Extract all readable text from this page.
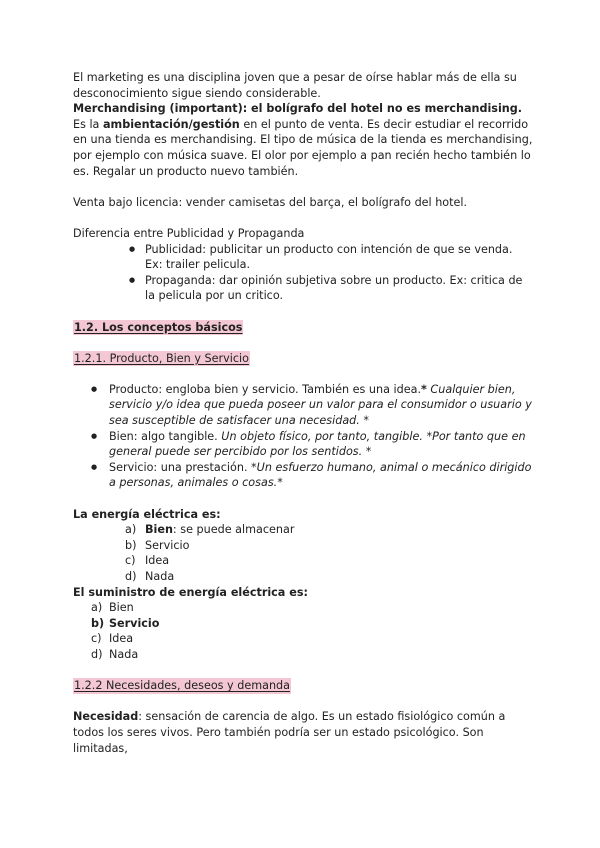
El marketing es una disciplina joven que a pesar de oírse hablar más de ella su desconocimiento sigue siendo considerable.

Merchandising (important): el bolígrafo del hotel no es merchandising. Es la ambientación/gestión en el punto de venta. Es decir estudiar el recorrido en una tienda es merchandising. El tipo de música de la tienda es merchandising, por ejemplo con música suave. El olor por ejemplo a pan recién hecho también lo es. Regalar un producto nuevo también.

Venta bajo licencia: vender camisetas del barça, el bolígrafo del hotel.

Diferencia entre Publicidad y Propaganda

● Publicidad: publicitar un producto con intención de que se venda. Ex: trailer pelicula.
● Propaganda: dar opinión subjetiva sobre un producto. Ex: critica de la pelicula por un critico.

1.2. Los conceptos básicos

1.2.1. Producto, Bien y Servicio

● Producto: engloba bien y servicio. También es una idea.* Cualquier bien, servicio y/o idea que pueda poseer un valor para el consumidor o usuario y sea susceptible de satisfacer una necesidad. *
● Bien: algo tangible. Un objeto físico, por tanto, tangible. *Por tanto que en general puede ser percibido por los sentidos. *
● Servicio: una prestación. *Un esfuerzo humano, animal o mecánico dirigido a personas, animales o cosas.*

La energía eléctrica es:

a) Bien: se puede almacenar
b) Servicio
c) Idea
d) Nada

El suministro de energía eléctrica es:

a) Bien
b) Servicio
c) Idea
d) Nada

1.2.2 Necesidades, deseos y demanda

Necesidad: sensación de carencia de algo. Es un estado fisiológico común a todos los seres vivos. Pero también podría ser un estado psicológico. Son limitadas,
